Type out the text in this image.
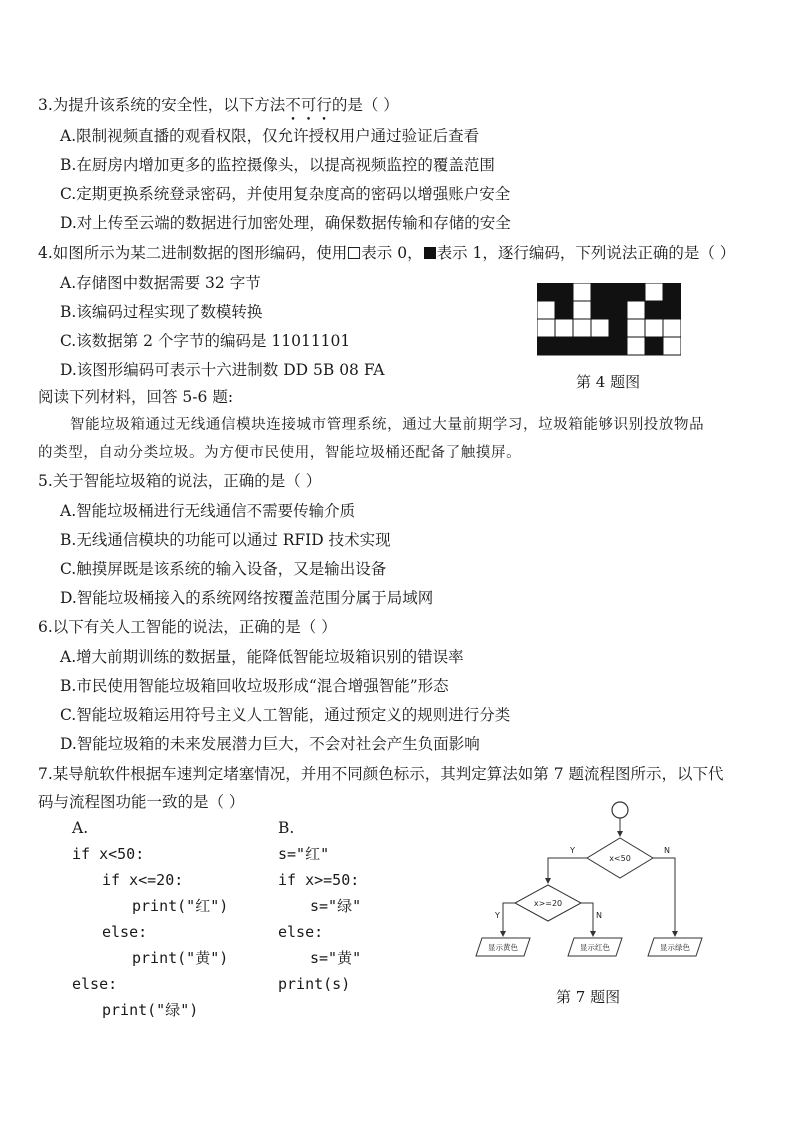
3.为提升该系统的安全性，以下方法不可行的是（ ）
A.限制视频直播的观看权限，仅允许授权用户通过验证后查看
B.在厨房内增加更多的监控摄像头，以提高视频监控的覆盖范围
C.定期更换系统登录密码，并使用复杂度高的密码以增强账户安全
D.对上传至云端的数据进行加密处理，确保数据传输和存储的安全
4.如图所示为某二进制数据的图形编码，使用 表示 0， 表示 1，逐行编码，下列说法正确的是（ ）
A.存储图中数据需要 32 字节
B.该编码过程实现了数模转换
C.该数据第 2 个字节的编码是 11011101
D.该图形编码可表示十六进制数 DD 5B 08 FA
第 4 题图
阅读下列材料，回答 5-6 题:
智能垃圾箱通过无线通信模块连接城市管理系统，通过大量前期学习，垃圾箱能够识别投放物品
的类型，自动分类垃圾。为方便市民使用，智能垃圾桶还配备了触摸屏。
5.关于智能垃圾箱的说法，正确的是（ ）
A.智能垃圾桶进行无线通信不需要传输介质
B.无线通信模块的功能可以通过 RFID 技术实现
C.触摸屏既是该系统的输入设备，又是输出设备
D.智能垃圾桶接入的系统网络按覆盖范围分属于局域网
6.以下有关人工智能的说法，正确的是（ ）
A.增大前期训练的数据量，能降低智能垃圾箱识别的错误率
B.市民使用智能垃圾箱回收垃圾形成“混合增强智能”形态
C.智能垃圾箱运用符号主义人工智能，通过预定义的规则进行分类
D.智能垃圾箱的未来发展潜力巨大，不会对社会产生负面影响
7.某导航软件根据车速判定堵塞情况，并用不同颜色标示，其判定算法如第 7 题流程图所示，以下代
码与流程图功能一致的是（ ）
A.
if x<50:
if x<=20:
print("红")
else:
print("黄")
else:
print("绿")
B.
s="红"
if x>=50:
s="绿"
else:
s="黄"
print(s)
x<50
Y	N
x>=20
Y	N
显示黄色	显示红色	显示绿色
第 7 题图
